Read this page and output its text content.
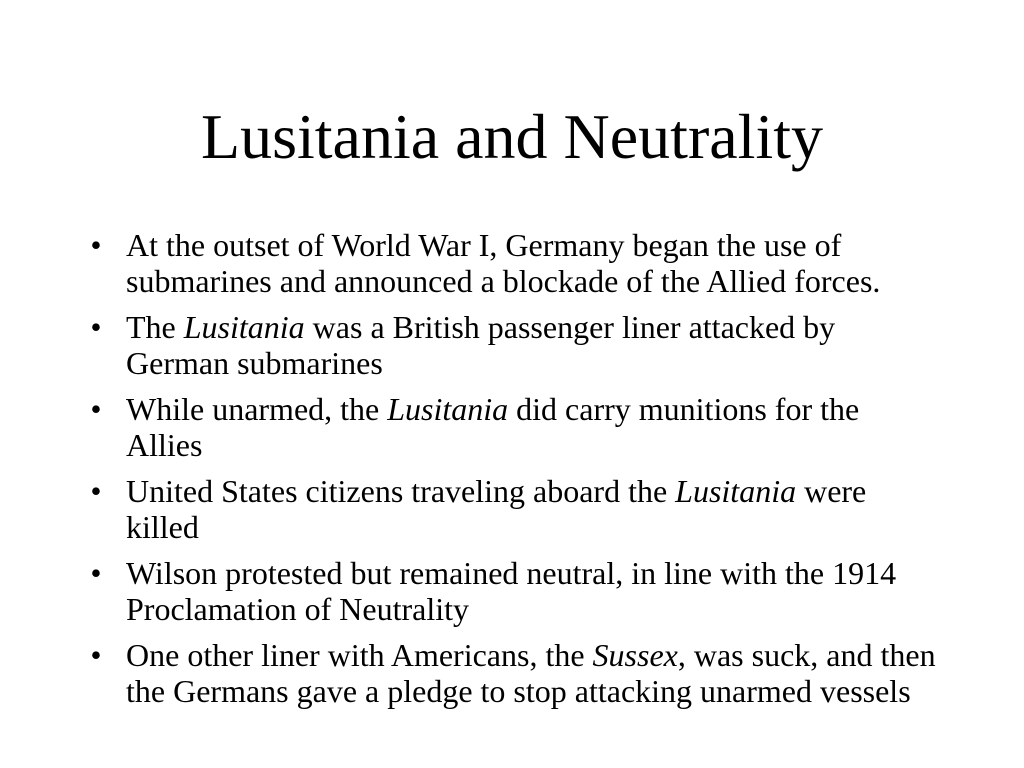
Lusitania and Neutrality
• At the outset of World War I, Germany began the use of submarines and announced a blockade of the Allied forces.
• The Lusitania was a British passenger liner attacked by German submarines
• While unarmed, the Lusitania did carry munitions for the Allies
• United States citizens traveling aboard the Lusitania were killed
• Wilson protested but remained neutral, in line with the 1914 Proclamation of Neutrality
• One other liner with Americans, the Sussex, was suck, and then the Germans gave a pledge to stop attacking unarmed vessels
